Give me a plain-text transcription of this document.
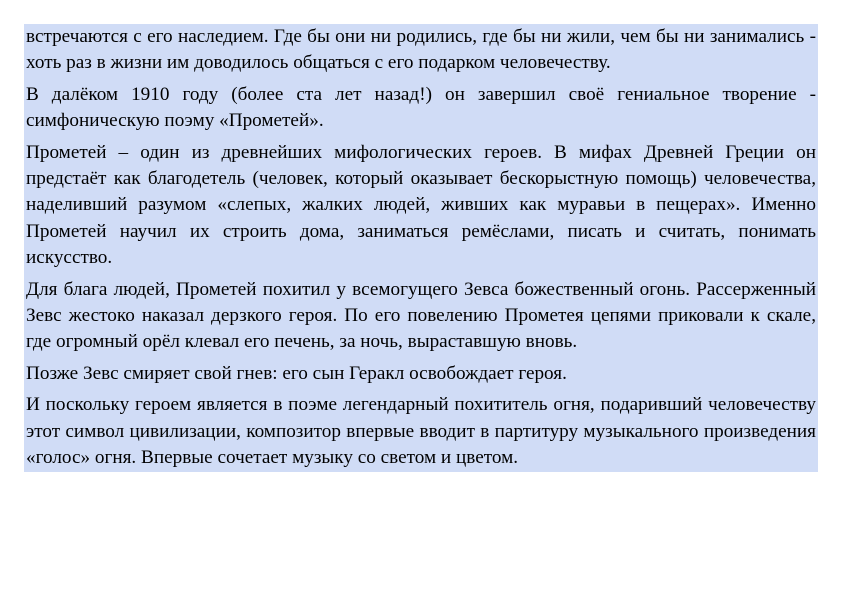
встречаются с его наследием. Где бы они ни родились, где бы ни жили, чем бы ни занимались - хоть раз в жизни им доводилось общаться с его подарком человечеству.

В далёком 1910 году (более ста лет назад!) он завершил своё гениальное творение - симфоническую поэму «Прометей».

Прометей – один из древнейших мифологических героев. В мифах Древней Греции он предстаёт как благодетель (человек, который оказывает бескорыстную помощь) человечества, наделивший разумом «слепых, жалких людей, живших как муравьи в пещерах». Именно Прометей научил их строить дома, заниматься ремёслами, писать и считать, понимать искусство.

Для блага людей, Прометей похитил у всемогущего Зевса божественный огонь. Рассерженный Зевс жестоко наказал дерзкого героя. По его повелению Прометея цепями приковали к скале, где огромный орёл клевал его печень, за ночь, вырастaвшую вновь.

Позже Зевс смиряет свой гнев: его сын Геракл освобождает героя.

И поскольку героем является в поэме легендарный похититель огня, подаривший человечеству этот символ цивилизации, композитор впервые вводит в партитуру музыкального произведения «голос» огня. Впервые сочетает музыку со светом и цветом.
